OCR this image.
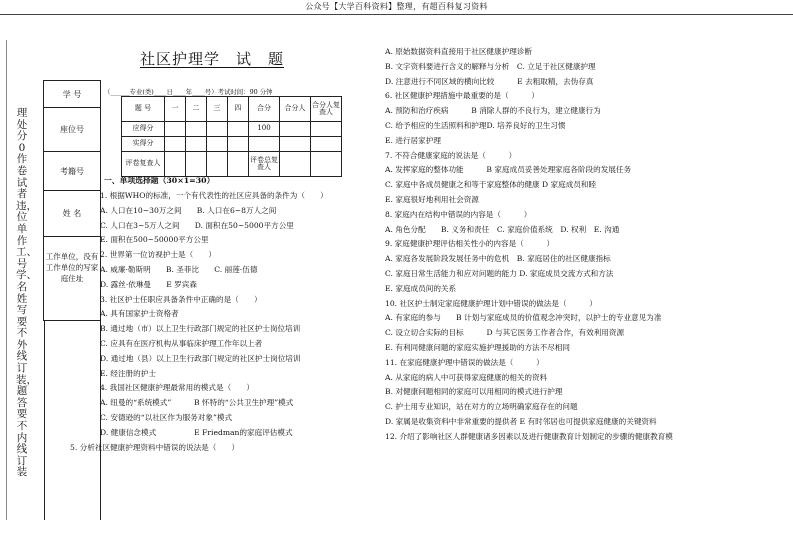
公众号【大学百科资料】整理，有超百科复习资料
理处分0作卷试者违，位单作工、号学、名姓写要不外线订装，题答要不内线订装
学 号
座位号
考籍号
姓 名
工作单位，没有工作单位的写家庭住址
社区护理学　试　题
（______专业(类)____日____年____号）考试时间：90 分钟
题 号	一	二	三	四	合分	合分人	合分人复查人
应得分					100		
实得分							
评卷复查人					评卷总复查人		
一、单项选择题（30×1=30）
1. 根据WHO的标准，一个有代表性的社区应具备的条件为（　　）
A. 人口在10~30万之间　　B. 人口在6~8万人之间
C. 人口在3~5万人之间　　D. 面积在50~5000平方公里
E. 面积在500~50000平方公里
2. 世界第一位访视护士是（　　）
A. 威廉·勒斯明　　B. 圣菲比　　C. 丽莲·伍德
D. 露丝·依琳曼　　E 罗宾森
3. 社区护士任职应具备条件中正确的是（　　）
A. 具有国家护士资格者
B. 通过地（市）以上卫生行政部门规定的社区护士岗位培训
C. 应具有在医疗机构从事临床护理工作年以上者
D. 通过地（县）以上卫生行政部门规定的社区护士岗位培训
E. 经注册的护士
4. 我国社区健康护理最常用的模式是（　　）
A. 纽曼的“系统模式”　　　B 怀特的“公共卫生护理”模式
C. 安德逊的“以社区作为服务对象”模式
D. 健康信念模式　　　　　E Friedman的家庭评估模式
5. 分析社区健康护理资料中错误的说法是（　　）
A. 原始数据资料直接用于社区健康护理诊断
B. 文字资料要进行含义的解释与分析　C. 立足于社区健康护理
D. 注意进行不同区域的横向比较　　　E 去粗取精，去伪存真
6. 社区健康护理措施中最重要的是（　　　）
A. 预防和治疗疾病　　　B 消除人群的不良行为，建立健康行为
C. 给予相应的生活照料和护理D. 培养良好的卫生习惯
E. 进行居家护理
7. 不符合健康家庭的说法是（　　　）
A. 发挥家庭的整体功能　　　B 家庭成员妥善处理家庭各阶段的发展任务
C. 家庭中各成员健康之和等于家庭整体的健康 D 家庭成员和睦
E. 家庭很好地利用社会资源
8. 家庭内在结构中错误的内容是（　　　）
A. 角色分配　　B. 义务和责任　C. 家庭价值系统　D. 权利　E. 沟通
9. 家庭健康护理评估相关性小的内容是（　　　）
A. 家庭各发展阶段发展任务中的危机　B. 家庭居住的社区健康指标
C. 家庭日常生活能力和应对问题的能力 D. 家庭成员交流方式和方法
E. 家庭成员间的关系
10. 社区护士制定家庭健康护理计划中错误的做法是（　　　）
A. 有家庭的参与　　B 计划与家庭成员的价值观念冲突时，以护士的专业意见为准
C. 设立切合实际的目标　　　D 与其它医务工作者合作，有效利用资源
E. 有利同健康问题的家庭实施护理援助的方法不尽相同
11. 在家庭健康护理中错误的做法是（　　　）
A. 从家庭的病人中可获得家庭健康的相关的资料
B. 对健康问题相同的家庭可以用相同的模式进行护理
C. 护士用专业知识，站在对方的立场明确家庭存在的问题
D. 家属是收集资料中非常重要的提供者 E 有时邻居也可提供家庭健康的关键资料
12. 介绍了影响社区人群健康诸多因素以及进行健康教育计划制定的步骤的健康教育模
